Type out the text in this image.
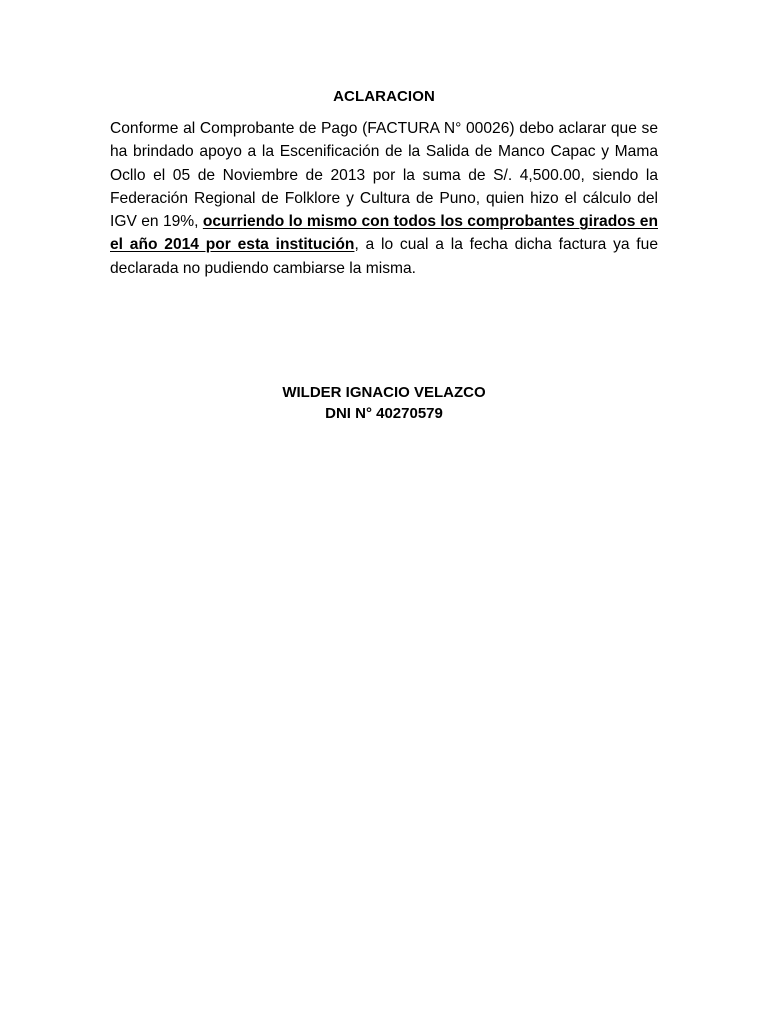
ACLARACION

Conforme al Comprobante de Pago (FACTURA N° 00026) debo aclarar que se ha brindado apoyo a la Escenificación de la Salida de Manco Capac y Mama Ocllo el 05 de Noviembre de 2013 por la suma de S/. 4,500.00, siendo la Federación Regional de Folklore y Cultura de Puno, quien hizo el cálculo del IGV en 19%, ocurriendo lo mismo con todos los comprobantes girados en el año 2014 por esta institución, a lo cual a la fecha dicha factura ya fue declarada no pudiendo cambiarse la misma.

WILDER IGNACIO VELAZCO
DNI N° 40270579
